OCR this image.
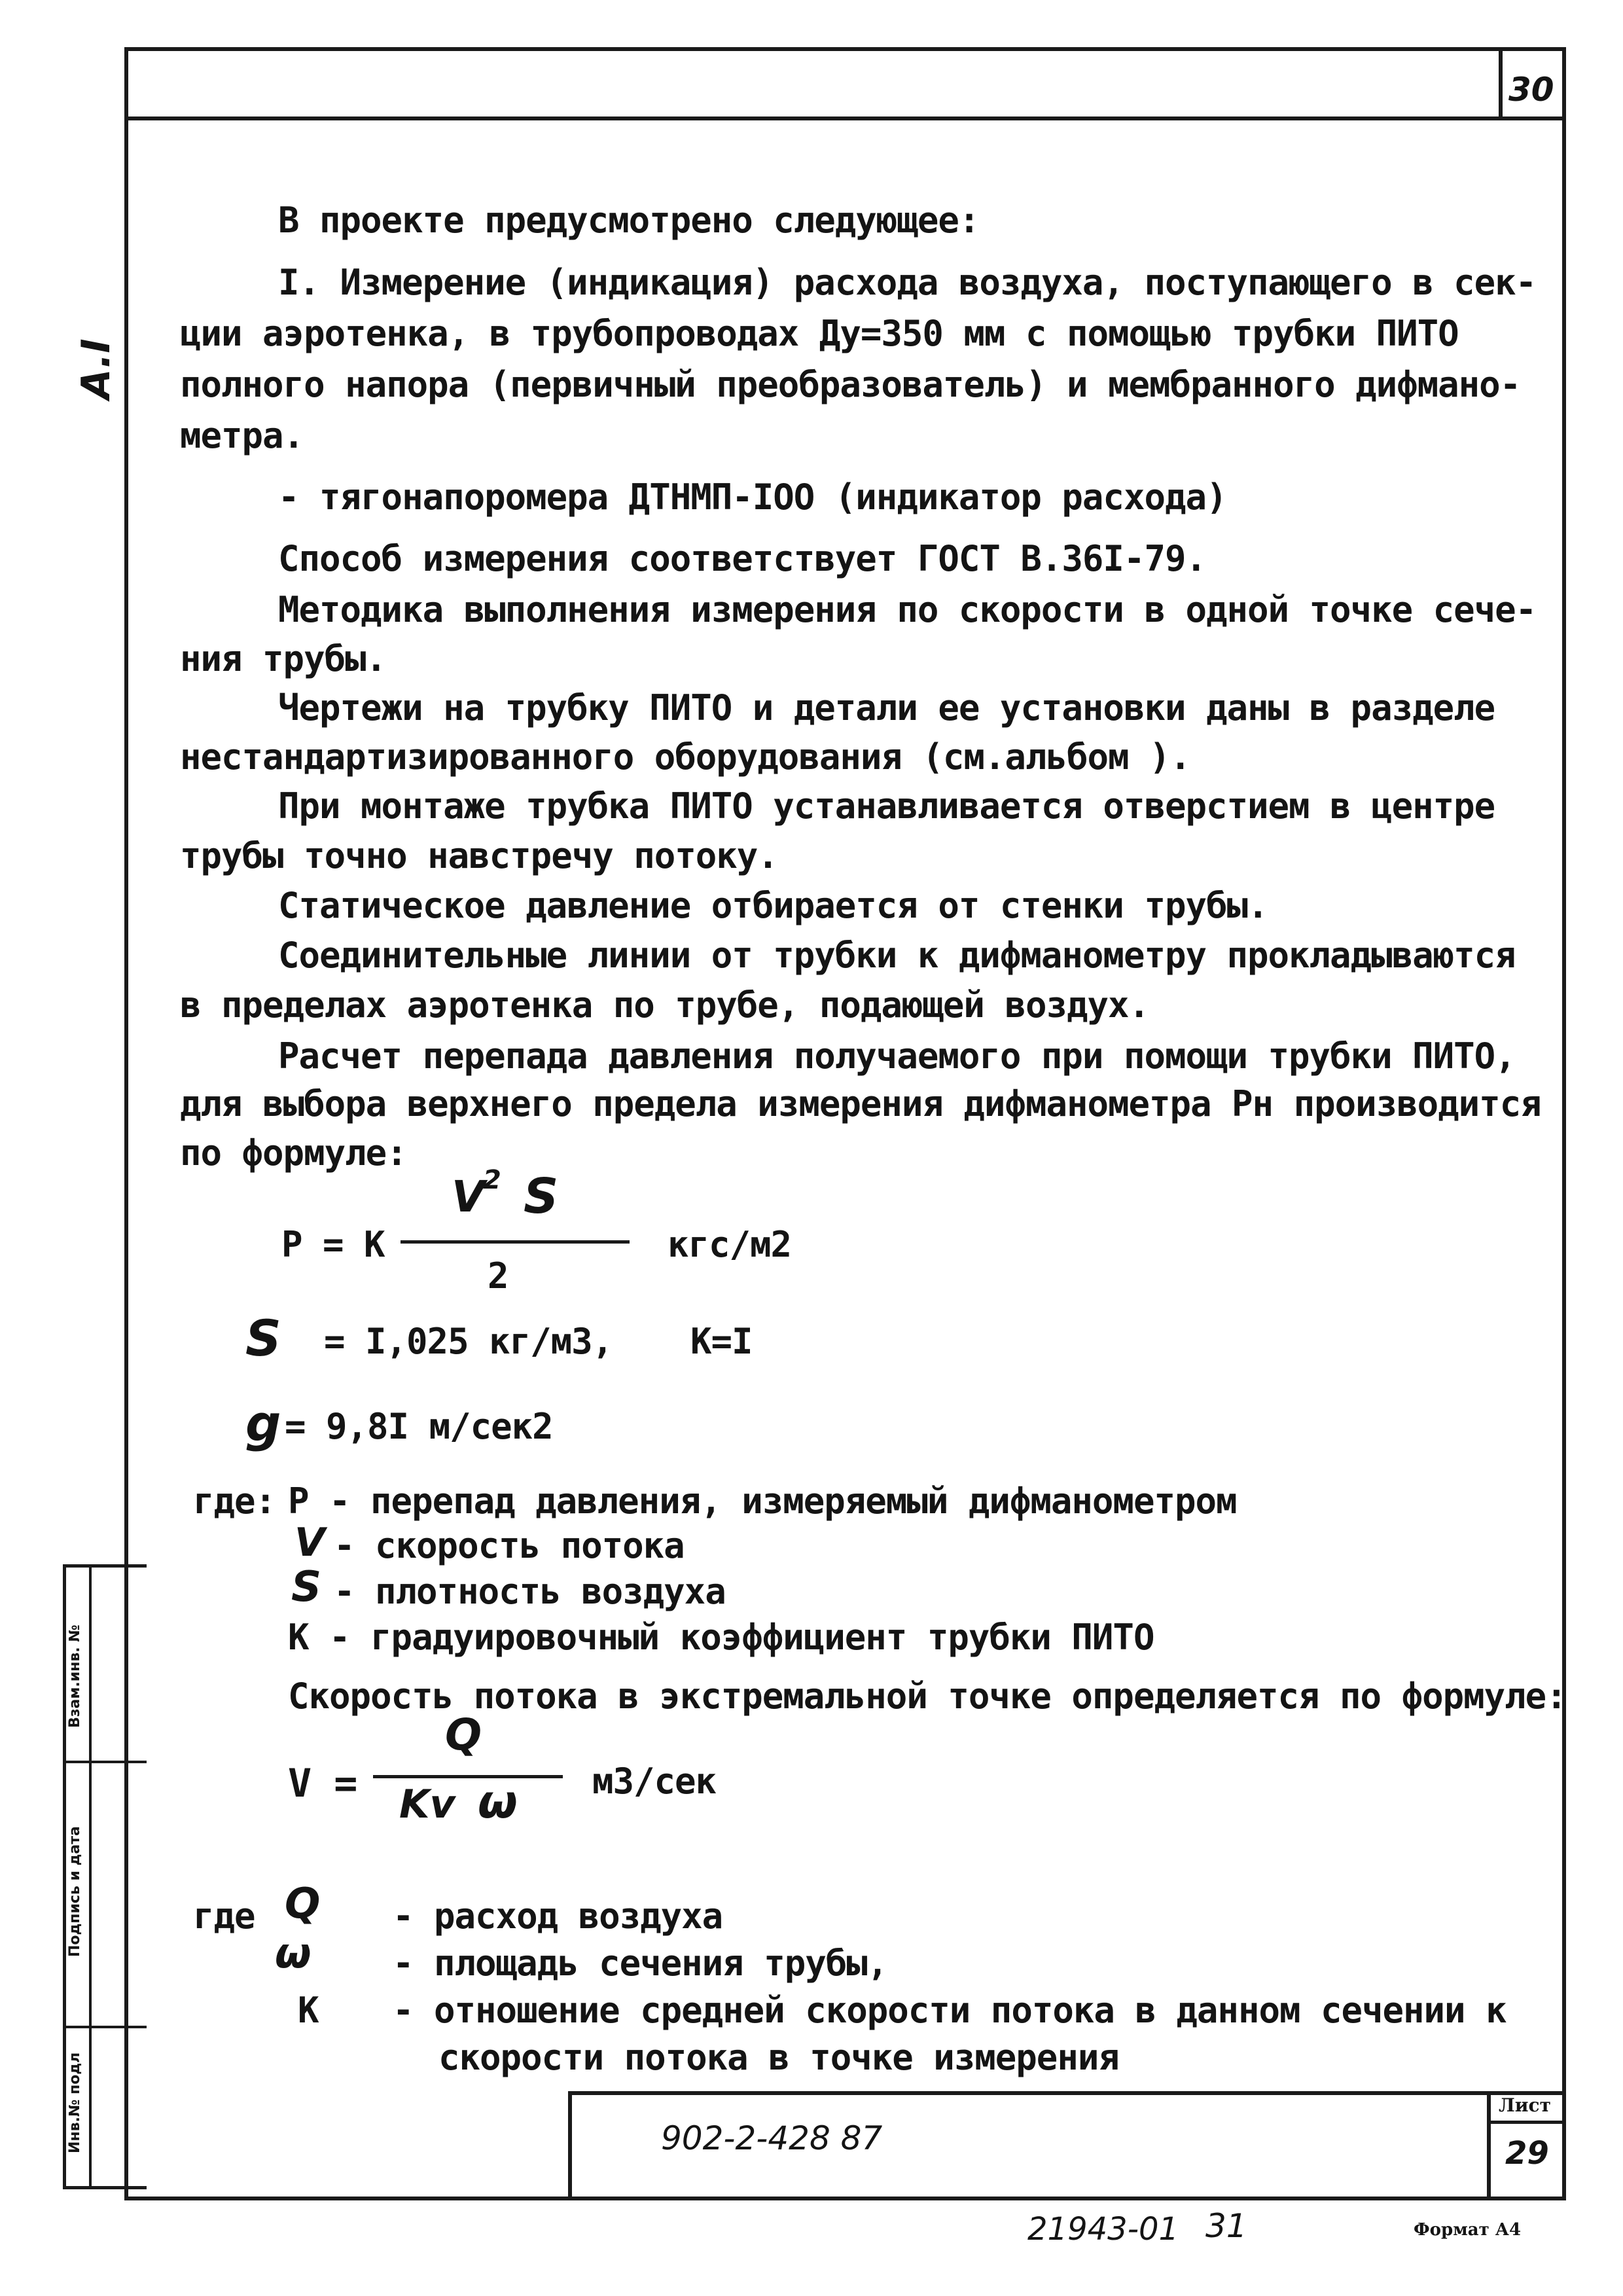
30
A.I
Взам.инв. №
Подпись и дата
Инв.№ подл	902-2-428 87
Лист
29
21943-01 31	Формат А4
В проекте предусмотрено следующее:
I. Измерение (индикация) расхода воздуха, поступающего в сек-
ции аэротенка, в трубопроводах Ду=350 мм с помощью трубки ПИТО
полного напора (первичный преобразователь) и мембранного дифмано-
метра.
- тягонапоромера ДТНМП-IОО (индикатор расхода)
Способ измерения соответствует ГОСТ В.36I-79.
Методика выполнения измерения по скорости в одной точке сече-
ния трубы.
Чертежи на трубку ПИТО и детали ее установки даны в разделе
нестандартизированного оборудования (см.альбом ).
При монтаже трубка ПИТО устанавливается отверстием в центре
трубы точно навстречу потоку.
Статическое давление отбирается от стенки трубы.
Соединительные линии от трубки к дифманометру прокладываются
в пределах аэротенка по трубе, подающей воздух.
Расчет перепада давления получаемого при помощи трубки ПИТО,
для выбора верхнего предела измерения дифманометра Рн производится
по формуле:
P = K
V
2 S
2
кгс/м2
S = I,025 кг/м3, K=I
g = 9,8I м/сек2
где: Р - перепад давления, измеряемый дифманометром
V - скорость потока
S - плотность воздуха
К - градуировочный коэффициент трубки ПИТО
Скорость потока в экстремальной точке определяется по формуле:
V =
Q
Kv ω м3/сек
где Q - расход воздуха
ω - площадь сечения трубы,
К - отношение средней скорости потока в данном сечении к
скорости потока в точке измерения
